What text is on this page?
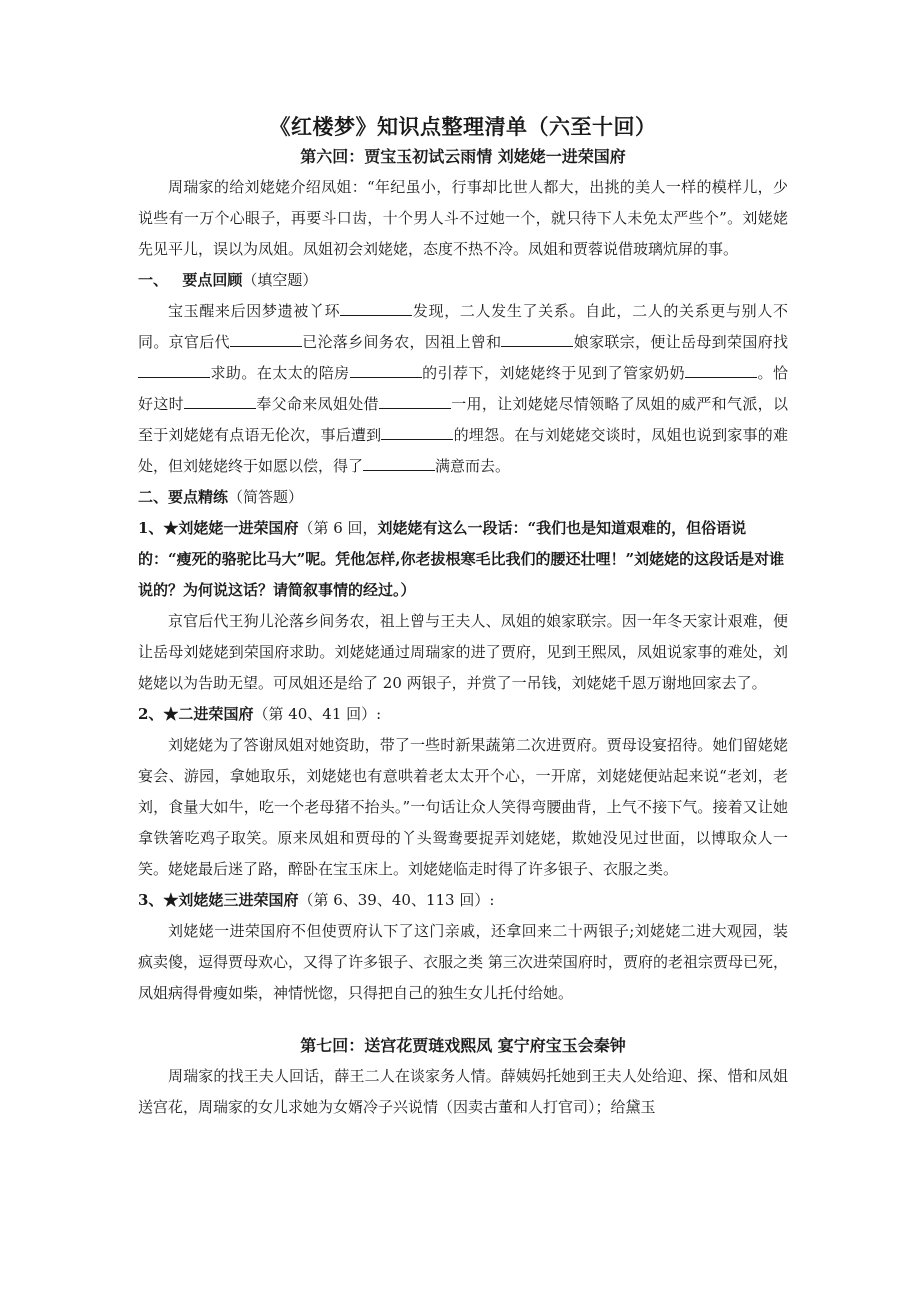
《红楼梦》知识点整理清单（六至十回）
第六回：贾宝玉初试云雨情 刘姥姥一进荣国府

周瑞家的给刘姥姥介绍凤姐：“年纪虽小，行事却比世人都大，出挑的美人一样的模样儿，少说些有一万个心眼子，再要斗口齿，十个男人斗不过她一个，就只待下人未免太严些个”。刘姥姥先见平儿，误以为凤姐。凤姐初会刘姥姥，态度不热不冷。凤姐和贾蓉说借玻璃炕屏的事。

一、 要点回顾（填空题）

宝玉醒来后因梦遗被丫环	发现，二人发生了关系。自此，二人的关系更与别人不同。京官后代	已沦落乡间务农，因祖上曾和	娘家联宗，便让岳母到荣国府找求助。在太太的陪房	的引荐下，刘姥姥终于见到了管家奶奶	。恰好这时	奉父命来凤姐处借	一用，让刘姥姥尽情领略了凤姐的威严和气派，以至于刘姥姥有点语无伦次，事后遭到	的埋怨。在与刘姥姥交谈时，凤姐也说到家事的难处，但刘姥姥终于如愿以偿，得了	满意而去。

二、要点精练（简答题）

1、★刘姥姥一进荣国府（第 6 回，刘姥姥有这么一段话：“我们也是知道艰难的，但俗语说的：“瘦死的骆驼比马大”呢。凭他怎样,你老拔根寒毛比我们的腰还壮哩！”刘姥姥的这段话是对谁说的？为何说这话？请简叙事情的经过。）

京官后代王狗儿沦落乡间务农，祖上曾与王夫人、凤姐的娘家联宗。因一年冬天家计艰难，便让岳母刘姥姥到荣国府求助。刘姥姥通过周瑞家的进了贾府，见到王熙凤，凤姐说家事的难处，刘姥姥以为告助无望。可凤姐还是给了 20 两银子，并赏了一吊钱，刘姥姥千恩万谢地回家去了。

2、★二进荣国府（第 40、41 回）:

刘姥姥为了答谢凤姐对她资助，带了一些时新果蔬第二次进贾府。贾母设宴招待。她们留姥姥宴会、游园，拿她取乐，刘姥姥也有意哄着老太太开个心，一开席，刘姥姥便站起来说“老刘，老刘，食量大如牛，吃一个老母猪不抬头。”一句话让众人笑得弯腰曲背，上气不接下气。接着又让她拿铁箸吃鸡子取笑。原来凤姐和贾母的丫头鸳鸯要捉弄刘姥姥，欺她没见过世面，以博取众人一笑。姥姥最后迷了路，醉卧在宝玉床上。刘姥姥临走时得了许多银子、衣服之类。

3、★刘姥姥三进荣国府（第 6、39、40、113 回）:

刘姥姥一进荣国府不但使贾府认下了这门亲戚，还拿回来二十两银子;刘姥姥二进大观园，装疯卖傻，逗得贾母欢心，又得了许多银子、衣服之类 第三次进荣国府时，贾府的老祖宗贾母已死，凤姐病得骨瘦如柴，神情恍惚，只得把自己的独生女儿托付给她。

第七回：送宫花贾琏戏熙凤 宴宁府宝玉会秦钟

周瑞家的找王夫人回话，薛王二人在谈家务人情。薛姨妈托她到王夫人处给迎、探、惜和凤姐送宫花，周瑞家的女儿求她为女婿冷子兴说情（因卖古董和人打官司）；给黛玉
